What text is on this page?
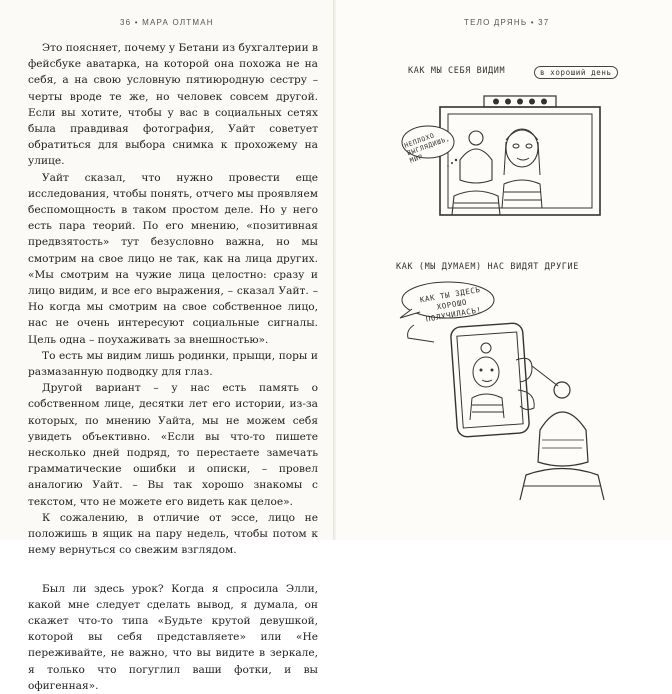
36 • МАРА ОЛТМАН

Это поясняет, почему у Бетани из бухгалтерии в фейсбуке аватарка, на которой она похожа не на себя, а на свою условную пятиюродную сестру – черты вроде те же, но человек совсем другой. Если вы хотите, чтобы у вас в социальных сетях была правдивая фотография, Уайт советует обратиться для выбора снимка к прохожему на улице.

Уайт сказал, что нужно провести еще исследования, чтобы понять, отчего мы проявляем беспомощность в таком простом деле. Но у него есть пара теорий. По его мнению, «позитивная предвзятость» тут безусловно важна, но мы смотрим на свое лицо не так, как на лица других. «Мы смотрим на чужие лица целостно: сразу и лицо видим, и все его выражения, – сказал Уайт. – Но когда мы смотрим на свое собственное лицо, нас не очень интересуют социальные сигналы. Цель одна – поухаживать за внешностью».

То есть мы видим лишь родинки, прыщи, поры и размазанную подводку для глаз.

Другой вариант – у нас есть память о собственном лице, десятки лет его истории, из-за которых, по мнению Уайта, мы не можем себя увидеть объективно. «Если вы что-то пишете несколько дней подряд, то перестаете замечать грамматические ошибки и описки, – провел аналогию Уайт. – Вы так хорошо знакомы с текстом, что не можете его видеть как целое».

К сожалению, в отличие от эссе, лицо не положишь в ящик на пару недель, чтобы потом к нему вернуться со свежим взглядом.

Был ли здесь урок? Когда я спросила Элли, какой мне следует сделать вывод, я думала, он скажет что-то типа «Будьте крутой девушкой, которой вы себя представляете» или «Не переживайте, не важно, что вы видите в зеркале, я только что погуглил ваши фотки, и вы офигенная».

ТЕЛО ДРЯНЬ • 37
КАК МЫ СЕБЯ ВИДИМ	в хороший день
НЕПЛОХО ВЫГЛЯДИШЬ, МИР
КАК (МЫ ДУМАЕМ) НАС ВИДЯТ ДРУГИЕ
КАК ТЫ ЗДЕСЬ ХОРОШО ПОЛУЧИЛАСЬ!
